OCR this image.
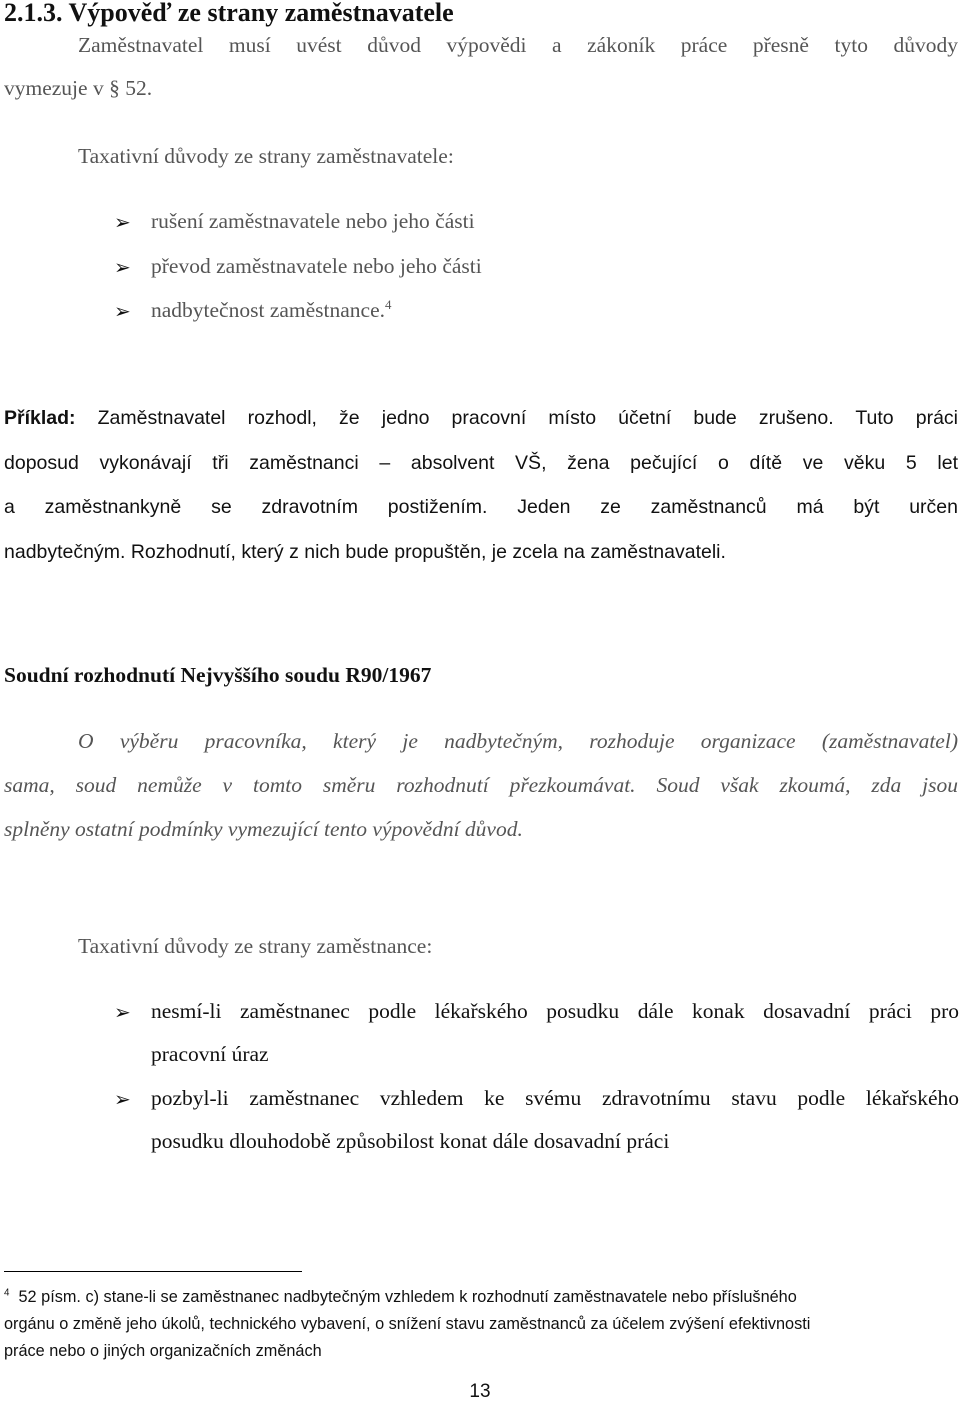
2.1.3. Výpověď ze strany zaměstnavatele
Zaměstnavatel musí uvést důvod výpovědi a zákoník práce přesně tyto důvody
vymezuje v § 52.
Taxativní důvody ze strany zaměstnavatele:
➢ rušení zaměstnavatele nebo jeho části
➢ převod zaměstnavatele nebo jeho části
➢ nadbytečnost zaměstnance.$^4$
Příklad: Zaměstnavatel rozhodl, že jedno pracovní místo účetní bude zrušeno. Tuto práci
doposud vykonávají tři zaměstnanci – absolvent VŠ, žena pečující o dítě ve věku 5 let
a zaměstnankyně se zdravotním postižením. Jeden ze zaměstnanců má být určen
nadbytečným. Rozhodnutí, který z nich bude propuštěn, je zcela na zaměstnavateli.
Soudní rozhodnutí Nejvyššího soudu R90/1967
O výběru pracovníka, který je nadbytečným, rozhoduje organizace (zaměstnavatel)
sama, soud nemůže v tomto směru rozhodnutí přezkoumávat. Soud však zkoumá, zda jsou
splněny ostatní podmínky vymezující tento výpovědní důvod.
Taxativní důvody ze strany zaměstnance:
➢ nesmí-li zaměstnanec podle lékařského posudku dále konak dosavadní práci pro
pracovní úraz
➢ pozbyl-li zaměstnanec vzhledem ke svému zdravotnímu stavu podle lékařského
posudku dlouhodobě způsobilost konat dále dosavadní práci
$^4$ 52 písm. c) stane-li se zaměstnanec nadbytečným vzhledem k rozhodnutí zaměstnavatele nebo příslušného
orgánu o změně jeho úkolů, technického vybavení, o snížení stavu zaměstnanců za účelem zvýšení efektivnosti
práce nebo o jiných organizačních změnách
13
